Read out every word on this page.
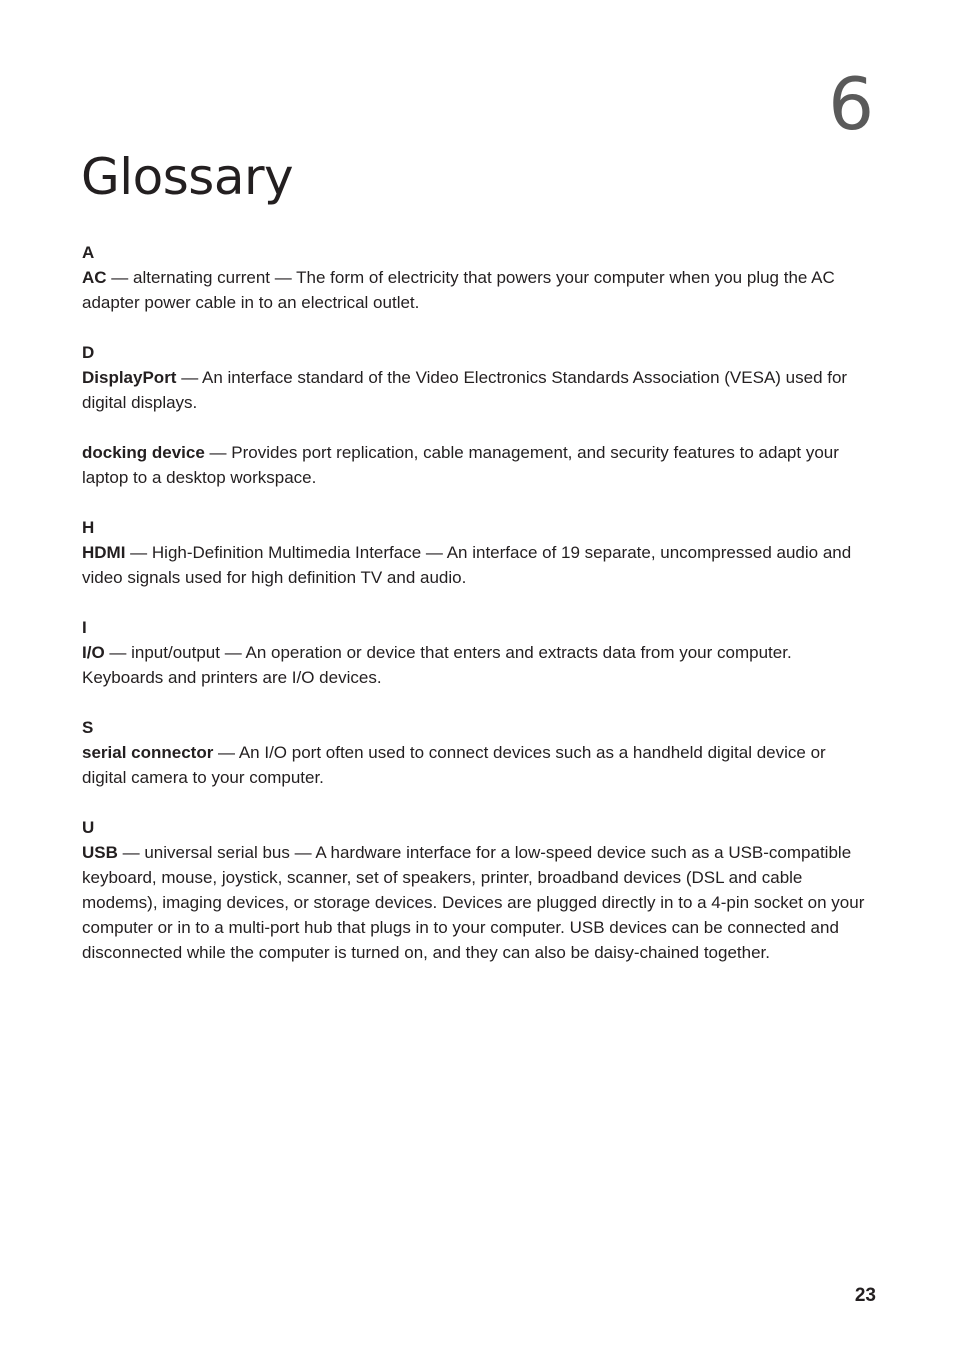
6
Glossary
A
AC — alternating current — The form of electricity that powers your computer when you plug the AC adapter power cable in to an electrical outlet.
D
DisplayPort — An interface standard of the Video Electronics Standards Association (VESA) used for digital displays.
docking device — Provides port replication, cable management, and security features to adapt your laptop to a desktop workspace.
H
HDMI — High-Definition Multimedia Interface — An interface of 19 separate, uncompressed audio and video signals used for high definition TV and audio.
I
I/O — input/output — An operation or device that enters and extracts data from your computer. Keyboards and printers are I/O devices.
S
serial connector — An I/O port often used to connect devices such as a handheld digital device or digital camera to your computer.
U
USB — universal serial bus — A hardware interface for a low-speed device such as a USB-compatible keyboard, mouse, joystick, scanner, set of speakers, printer, broadband devices (DSL and cable modems), imaging devices, or storage devices. Devices are plugged directly in to a 4-pin socket on your computer or in to a multi-port hub that plugs in to your computer. USB devices can be connected and disconnected while the computer is turned on, and they can also be daisy-chained together.
23
